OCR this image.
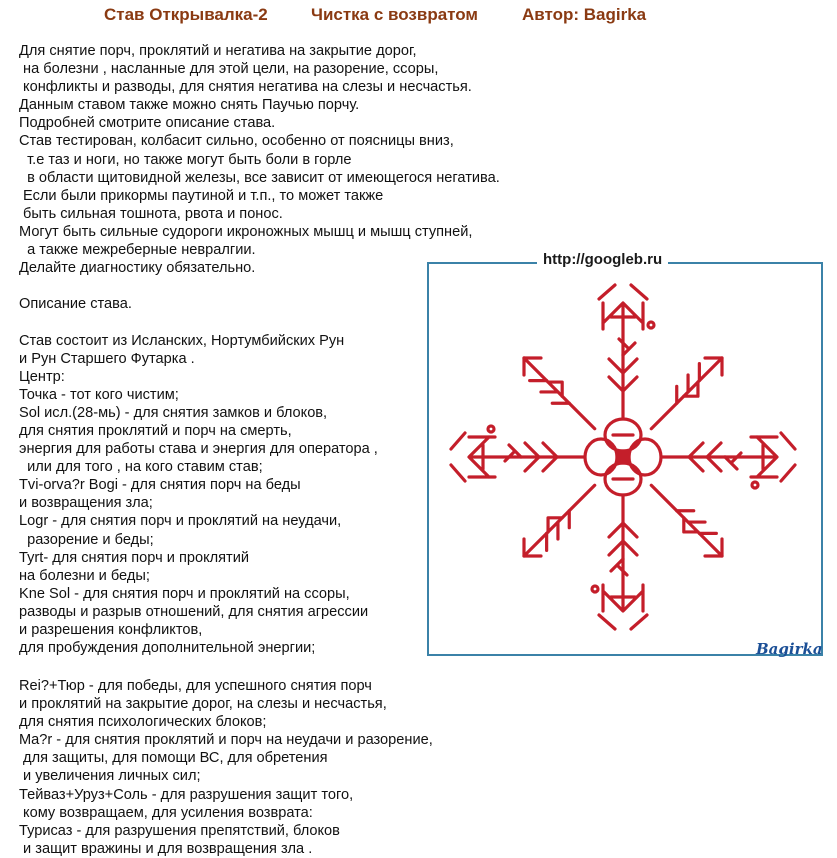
Став Открывалка-2	Чистка с возвратом	Автор: Bagirka
Для снятие порч, проклятий и негатива на закрытие дорог,
на болезни , насланные для этой цели, на разорение, ссоры,
конфликты и разводы, для снятия негатива на слезы и несчастья.
Данным ставом также можно снять Паучью порчу.
Подробней смотрите описание става.
Став тестирован, колбасит сильно, особенно от поясницы вниз,
т.е таз и ноги, но также могут быть боли в горле
в области щитовидной железы, все зависит от имеющегося негатива.
Если были прикормы паутиной и т.п., то может также
быть сильная тошнота, рвота и понос.
Могут быть сильные судороги икроножных мышц и мышц ступней,
а также межреберные невралгии.
Делайте диагностику обязательно.
Описание става.
Став состоит из Исланских, Нортумбийских Рун
и Рун Старшего Футарка .
Центр:
Точка - тот кого чистим;
Sol исл.(28-мь) - для снятия замков и блоков,
для снятия проклятий и порч на смерть,
энергия для работы става и энергия для оператора ,
или для того , на кого ставим став;
Tvi-orva?r Bogi - для снятия порч на беды
и возвращения зла;
Logr - для снятия порч и проклятий на неудачи,
разорение и беды;
Tyrt- для снятия порч и проклятий
на болезни и беды;
Kne Sol - для снятия порч и проклятий на ссоры,
разводы и разрыв отношений, для снятия агрессии
и разрешения конфликтов,
для пробуждения дополнительной энергии;
Rei?+Тюр - для победы, для успешного снятия порч
и проклятий на закрытие дорог, на слезы и несчастья,
для снятия психологических блоков;
Ma?r - для снятия проклятий и порч на неудачи и разорение,
для защиты, для помощи ВС, для обретения
и увеличения личных сил;
Тейваз+Уруз+Соль - для разрушения защит того,
кому возвращаем, для усиления возврата:
Турисаз - для разрушения препятствий, блоков
и защит вражины и для возвращения зла .
http://googleb.ru
Bagirka
